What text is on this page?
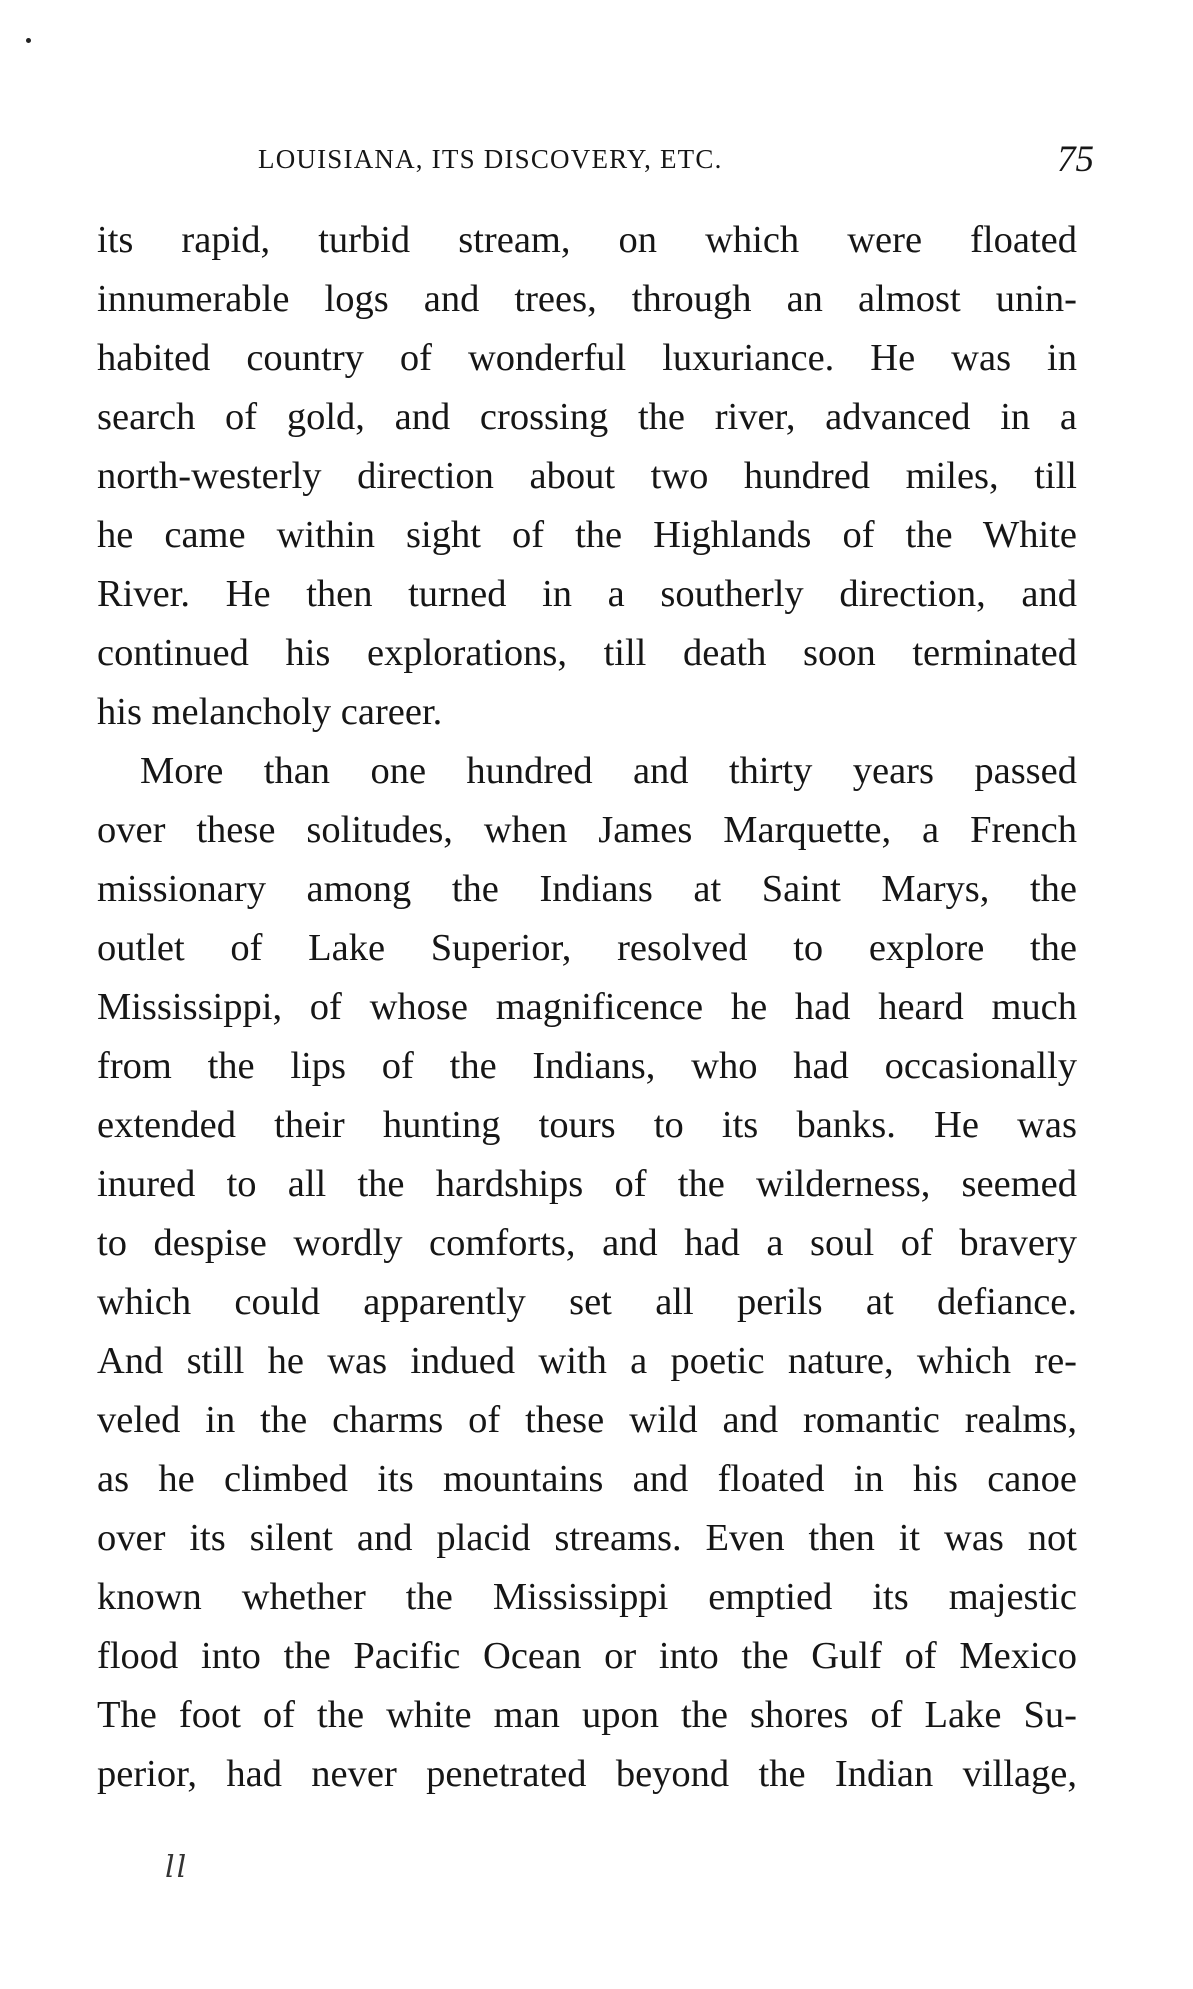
LOUISIANA, ITS DISCOVERY, ETC.	75
its rapid, turbid stream, on which were floated
innumerable logs and trees, through an almost unin-
habited country of wonderful luxuriance. He was in
search of gold, and crossing the river, advanced in a
north-westerly direction about two hundred miles, till
he came within sight of the Highlands of the White
River. He then turned in a southerly direction, and
continued his explorations, till death soon terminated
his melancholy career.
More than one hundred and thirty years passed
over these solitudes, when James Marquette, a French
missionary among the Indians at Saint Marys, the
outlet of Lake Superior, resolved to explore the
Mississippi, of whose magnificence he had heard much
from the lips of the Indians, who had occasionally
extended their hunting tours to its banks. He was
inured to all the hardships of the wilderness, seemed
to despise wordly comforts, and had a soul of bravery
which could apparently set all perils at defiance.
And still he was indued with a poetic nature, which re-
veled in the charms of these wild and romantic realms,
as he climbed its mountains and floated in his canoe
over its silent and placid streams. Even then it was not
known whether the Mississippi emptied its majestic
flood into the Pacific Ocean or into the Gulf of Mexico
The foot of the white man upon the shores of Lake Su-
perior, had never penetrated beyond the Indian village,
ll
